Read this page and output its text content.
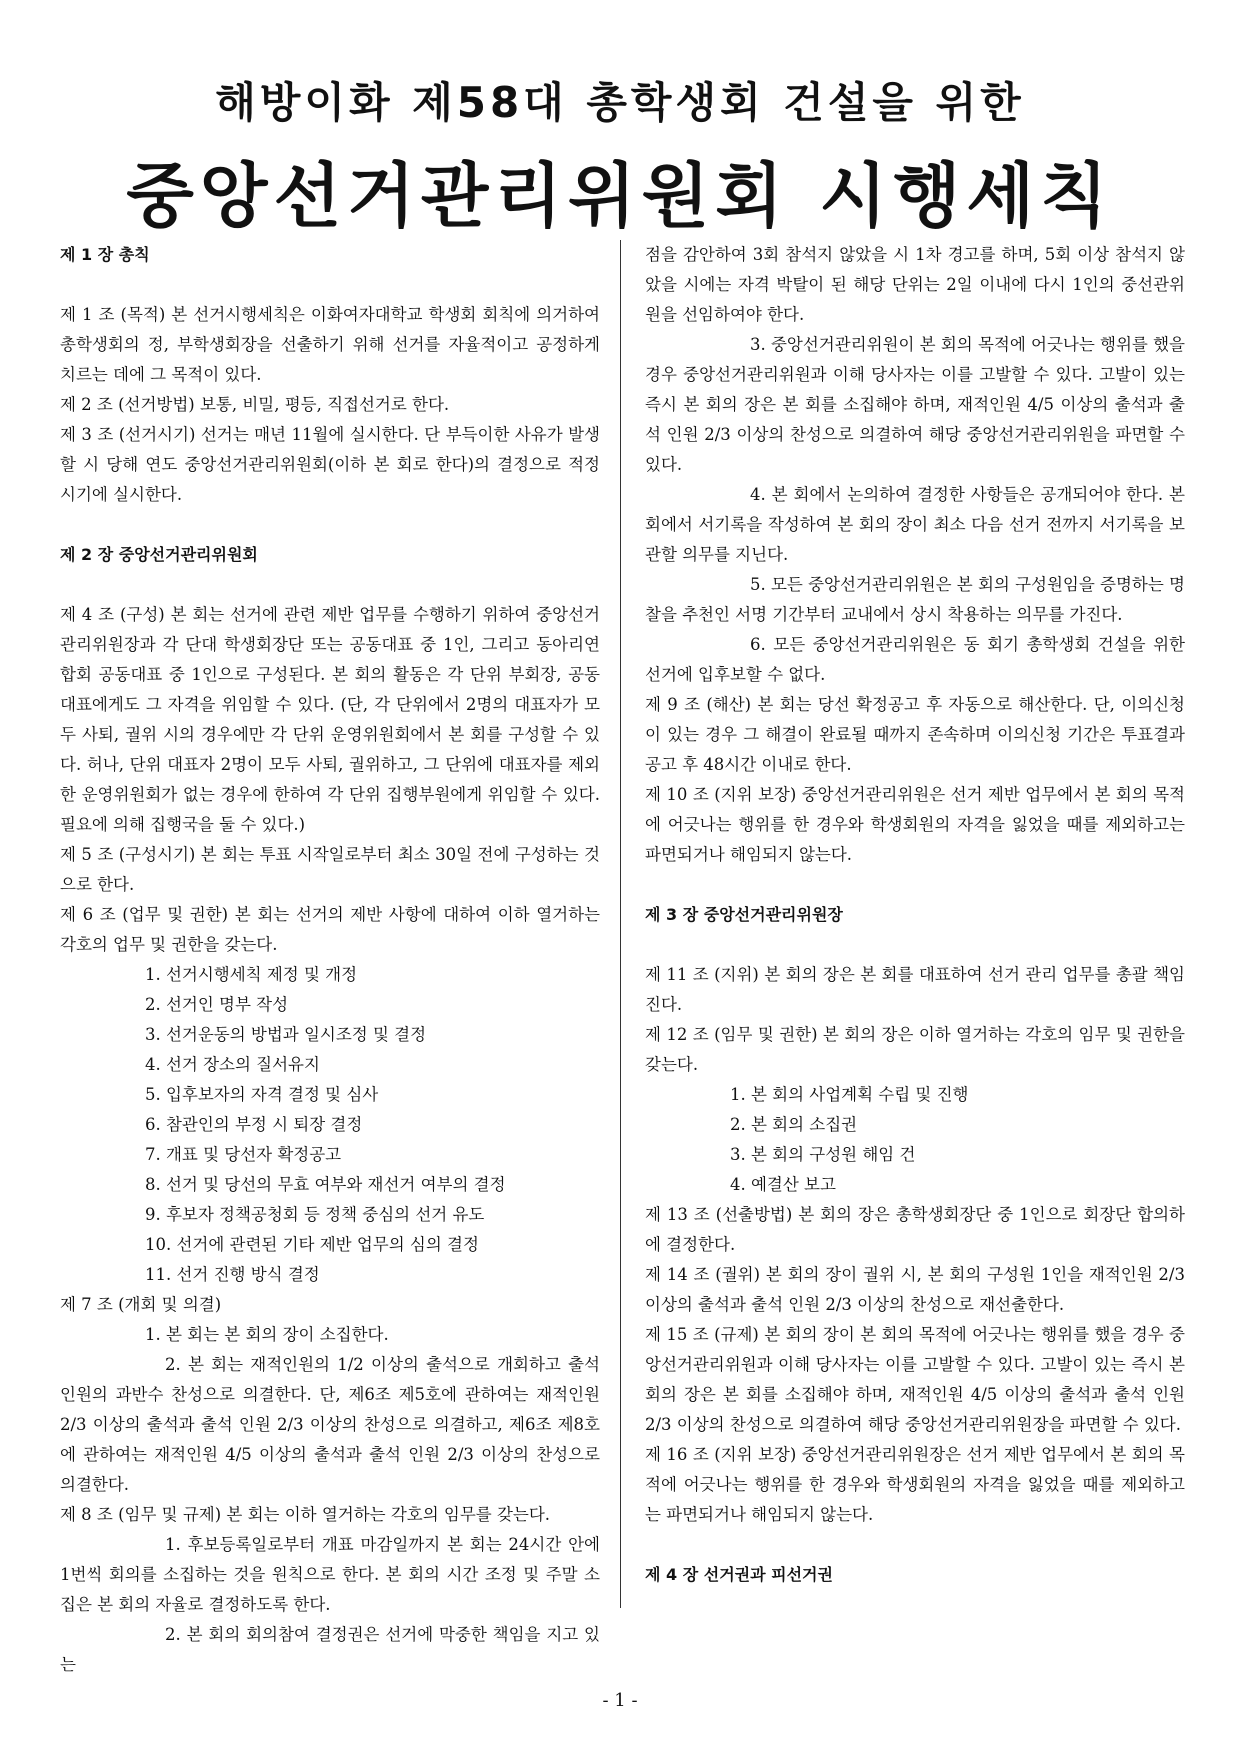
해방이화 제58대 총학생회 건설을 위한
중앙선거관리위원회 시행세칙

제 1 장 총칙

제 1 조 (목적) 본 선거시행세칙은 이화여자대학교 학생회 회칙에 의거하여 총학생회의 정, 부학생회장을 선출하기 위해 선거를 자율적이고 공정하게 치르는 데에 그 목적이 있다.

제 2 조 (선거방법) 보통, 비밀, 평등, 직접선거로 한다.

제 3 조 (선거시기) 선거는 매년 11월에 실시한다. 단 부득이한 사유가 발생할 시 당해 연도 중앙선거관리위원회(이하 본 회로 한다)의 결정으로 적정 시기에 실시한다.

제 2 장 중앙선거관리위원회

제 4 조 (구성) 본 회는 선거에 관련 제반 업무를 수행하기 위하여 중앙선거관리위원장과 각 단대 학생회장단 또는 공동대표 중 1인, 그리고 동아리연합회 공동대표 중 1인으로 구성된다. 본 회의 활동은 각 단위 부회장, 공동대표에게도 그 자격을 위임할 수 있다. (단, 각 단위에서 2명의 대표자가 모두 사퇴, 궐위 시의 경우에만 각 단위 운영위원회에서 본 회를 구성할 수 있다. 허나, 단위 대표자 2명이 모두 사퇴, 궐위하고, 그 단위에 대표자를 제외한 운영위원회가 없는 경우에 한하여 각 단위 집행부원에게 위임할 수 있다. 필요에 의해 집행국을 둘 수 있다.)

제 5 조 (구성시기) 본 회는 투표 시작일로부터 최소 30일 전에 구성하는 것으로 한다.

제 6 조 (업무 및 권한) 본 회는 선거의 제반 사항에 대하여 이하 열거하는 각호의 업무 및 권한을 갖는다.

1. 선거시행세칙 제정 및 개정

2. 선거인 명부 작성

3. 선거운동의 방법과 일시조정 및 결정

4. 선거 장소의 질서유지

5. 입후보자의 자격 결정 및 심사

6. 참관인의 부정 시 퇴장 결정

7. 개표 및 당선자 확정공고

8. 선거 및 당선의 무효 여부와 재선거 여부의 결정

9. 후보자 정책공청회 등 정책 중심의 선거 유도

10. 선거에 관련된 기타 제반 업무의 심의 결정

11. 선거 진행 방식 결정

제 7 조 (개회 및 의결)

1. 본 회는 본 회의 장이 소집한다.

2. 본 회는 재적인원의 1/2 이상의 출석으로 개회하고 출석 인원의 과반수 찬성으로 의결한다. 단, 제6조 제5호에 관하여는 재적인원 2/3 이상의 출석과 출석 인원 2/3 이상의 찬성으로 의결하고, 제6조 제8호에 관하여는 재적인원 4/5 이상의 출석과 출석 인원 2/3 이상의 찬성으로 의결한다.

제 8 조 (임무 및 규제) 본 회는 이하 열거하는 각호의 임무를 갖는다.

1. 후보등록일로부터 개표 마감일까지 본 회는 24시간 안에 1번씩 회의를 소집하는 것을 원칙으로 한다. 본 회의 시간 조정 및 주말 소집은 본 회의 자율로 결정하도록 한다.

2. 본 회의 회의참여 결정권은 선거에 막중한 책임을 지고 있는

점을 감안하여 3회 참석지 않았을 시 1차 경고를 하며, 5회 이상 참석지 않았을 시에는 자격 박탈이 된 해당 단위는 2일 이내에 다시 1인의 중선관위원을 선임하여야 한다.

3. 중앙선거관리위원이 본 회의 목적에 어긋나는 행위를 했을 경우 중앙선거관리위원과 이해 당사자는 이를 고발할 수 있다. 고발이 있는 즉시 본 회의 장은 본 회를 소집해야 하며, 재적인원 4/5 이상의 출석과 출석 인원 2/3 이상의 찬성으로 의결하여 해당 중앙선거관리위원을 파면할 수 있다.

4. 본 회에서 논의하여 결정한 사항들은 공개되어야 한다. 본 회에서 서기록을 작성하여 본 회의 장이 최소 다음 선거 전까지 서기록을 보관할 의무를 지닌다.

5. 모든 중앙선거관리위원은 본 회의 구성원임을 증명하는 명찰을 추천인 서명 기간부터 교내에서 상시 착용하는 의무를 가진다.

6. 모든 중앙선거관리위원은 동 회기 총학생회 건설을 위한 선거에 입후보할 수 없다.

제 9 조 (해산) 본 회는 당선 확정공고 후 자동으로 해산한다. 단, 이의신청이 있는 경우 그 해결이 완료될 때까지 존속하며 이의신청 기간은 투표결과 공고 후 48시간 이내로 한다.

제 10 조 (지위 보장) 중앙선거관리위원은 선거 제반 업무에서 본 회의 목적에 어긋나는 행위를 한 경우와 학생회원의 자격을 잃었을 때를 제외하고는 파면되거나 해임되지 않는다.

제 3 장 중앙선거관리위원장

제 11 조 (지위) 본 회의 장은 본 회를 대표하여 선거 관리 업무를 총괄 책임진다.

제 12 조 (임무 및 권한) 본 회의 장은 이하 열거하는 각호의 임무 및 권한을 갖는다.

1. 본 회의 사업계획 수립 및 진행

2. 본 회의 소집권

3. 본 회의 구성원 해임 건

4. 예결산 보고

제 13 조 (선출방법) 본 회의 장은 총학생회장단 중 1인으로 회장단 합의하에 결정한다.

제 14 조 (궐위) 본 회의 장이 궐위 시, 본 회의 구성원 1인을 재적인원 2/3 이상의 출석과 출석 인원 2/3 이상의 찬성으로 재선출한다.

제 15 조 (규제) 본 회의 장이 본 회의 목적에 어긋나는 행위를 했을 경우 중앙선거관리위원과 이해 당사자는 이를 고발할 수 있다. 고발이 있는 즉시 본 회의 장은 본 회를 소집해야 하며, 재적인원 4/5 이상의 출석과 출석 인원 2/3 이상의 찬성으로 의결하여 해당 중앙선거관리위원장을 파면할 수 있다.

제 16 조 (지위 보장) 중앙선거관리위원장은 선거 제반 업무에서 본 회의 목적에 어긋나는 행위를 한 경우와 학생회원의 자격을 잃었을 때를 제외하고는 파면되거나 해임되지 않는다.

제 4 장 선거권과 피선거권

- 1 -
